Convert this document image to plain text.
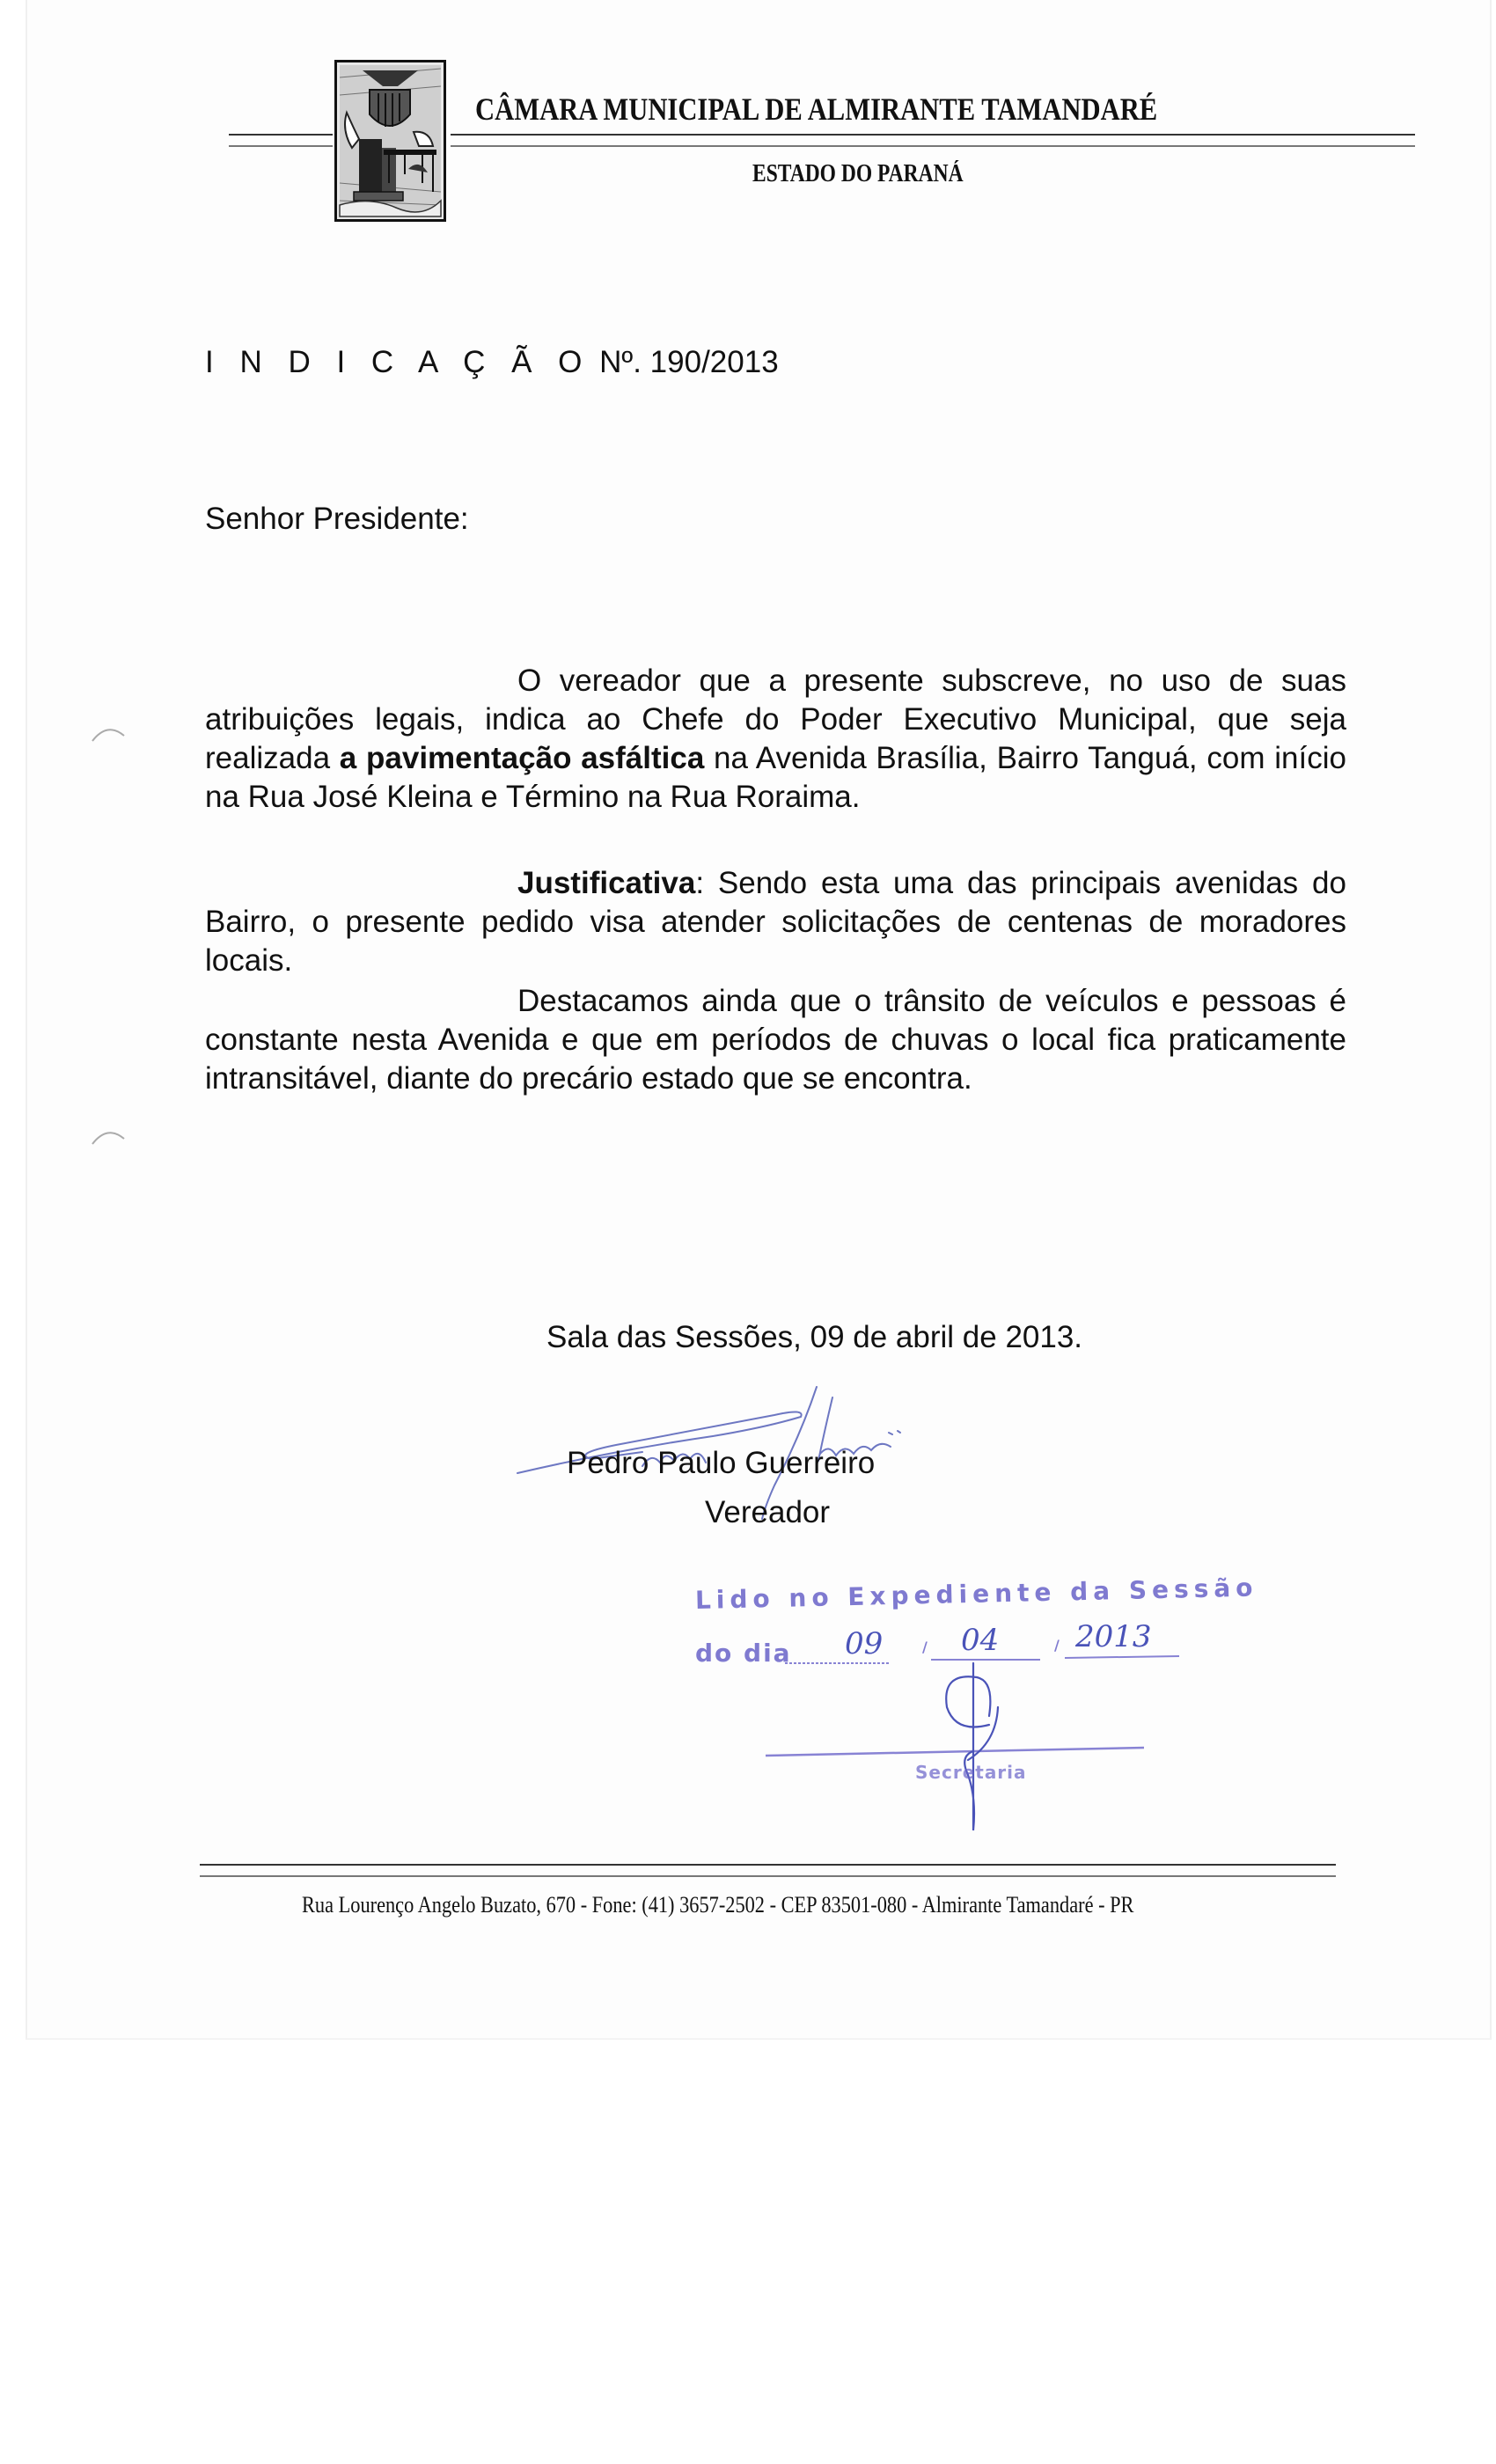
CÂMARA MUNICIPAL DE ALMIRANTE TAMANDARÉ
ESTADO DO PARANÁ
I N D I C A Ç Ã O Nº. 190/2013
Senhor Presidente:
O vereador que a presente subscreve, no uso de suas atribuições legais, indica ao Chefe do Poder Executivo Municipal, que seja realizada a pavimentação asfáltica na Avenida Brasília, Bairro Tanguá, com início na Rua José Kleina e Término na Rua Roraima.
Justificativa: Sendo esta uma das principais avenidas do Bairro, o presente pedido visa atender solicitações de centenas de moradores locais.
Destacamos ainda que o trânsito de veículos e pessoas é constante nesta Avenida e que em períodos de chuvas o local fica praticamente intransitável, diante do precário estado que se encontra.
Sala das Sessões, 09 de abril de 2013.
Pedro Paulo Guerreiro
Vereador
Lido no Expediente da Sessão
do dia 09	/ 04	/ 2013
Secretaria
Rua Lourenço Angelo Buzato, 670 - Fone: (41) 3657-2502 - CEP 83501-080 - Almirante Tamandaré - PR
